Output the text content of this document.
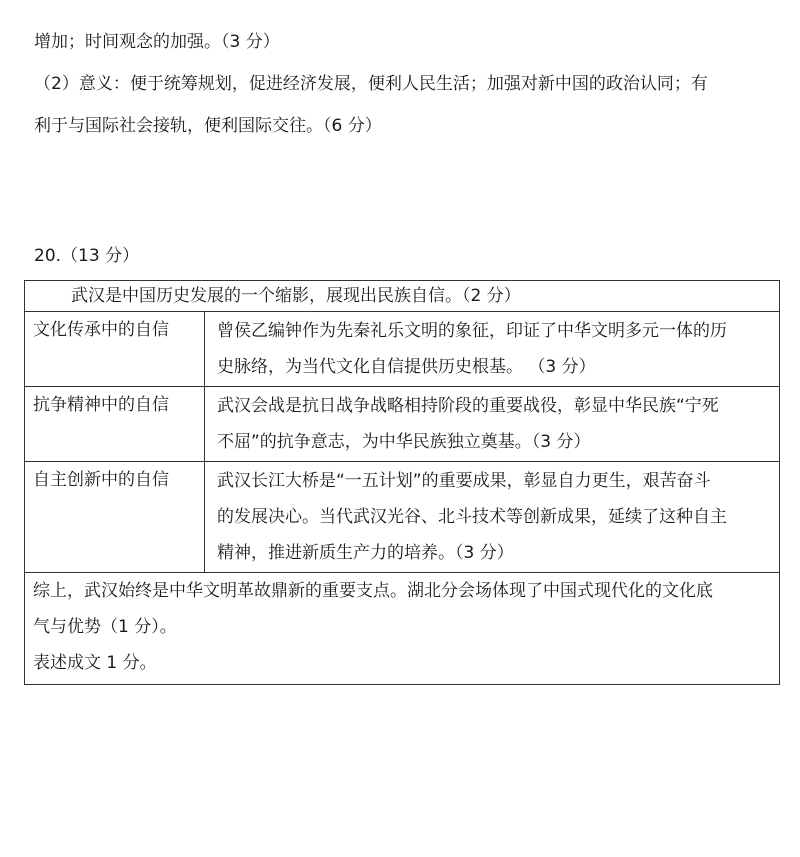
增加；时间观念的加强。（3 分）
（2）意义：便于统筹规划，促进经济发展，便利人民生活；加强对新中国的政治认同；有
利于与国际社会接轨，便利国际交往。（6 分）
20.（13 分）
武汉是中国历史发展的一个缩影，展现出民族自信。（2 分）	
文化传承中的自信	曾侯乙编钟作为先秦礼乐文明的象征，印证了中华文明多元一体的历
史脉络，为当代文化自信提供历史根基。 （3 分）

抗争精神中的自信	武汉会战是抗日战争战略相持阶段的重要战役，彰显中华民族“宁死
不屈”的抗争意志，为中华民族独立奠基。（3 分）

自主创新中的自信	武汉长江大桥是“一五计划”的重要成果，彰显自力更生，艰苦奋斗
的发展决心。当代武汉光谷、北斗技术等创新成果，延续了这种自主
精神，推进新质生产力的培养。（3 分）

综上，武汉始终是中华文明革故鼎新的重要支点。湖北分会场体现了中国式现代化的文化底
气与优势（1 分）。
表述成文 1 分。	
